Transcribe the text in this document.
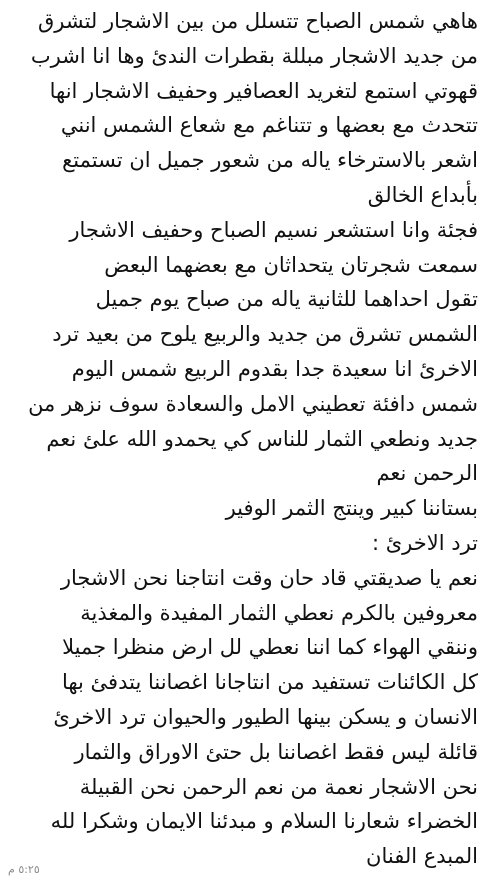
هاهي شمس الصباح تتسلل من بين الاشجار لتشرق
من جديد الاشجار مبللة بقطرات الندئ وها انا اشرب
قهوتي استمع لتغريد العصافير وحفيف الاشجار انها
تتحدث مع بعضها و تتناغم مع شعاع الشمس انني
اشعر بالاسترخاء ياله من شعور جميل ان تستمتع
بأبداع الخالق
فجئة وانا استشعر نسيم الصباح وحفيف الاشجار
سمعت شجرتان يتحداثان مع بعضهما البعض
تقول احداهما للثانية ياله من صباح يوم جميل
الشمس تشرق من جديد والربيع يلوح من بعيد ترد
الاخرئ انا سعيدة جدا بقدوم الربيع شمس اليوم
شمس دافئة تعطيني الامل والسعادة سوف نزهر من
جديد ونطعي الثمار للناس كي يحمدو الله علئ نعم
الرحمن نعم
بستاننا كبير وينتج الثمر الوفير
ترد الاخرئ :
نعم يا صديقتي قاد حان وقت انتاجنا نحن الاشجار
معروفين بالكرم نعطي الثمار المفيدة والمغذية
وننقي الهواء كما اننا نعطي لل ارض منظرا جميلا
كل الكائنات تستفيد من انتاجانا اغصاننا يتدفئ بها
الانسان و يسكن بينها الطيور والحيوان ترد الاخرئ
قائلة ليس فقط اغصاننا بل حتئ الاوراق والثمار
نحن الاشجار نعمة من نعم الرحمن نحن القبيلة
الخضراء شعارنا السلام و مبدئنا الايمان وشكرا لله
المبدع الفنان
٥:٢٥ م
